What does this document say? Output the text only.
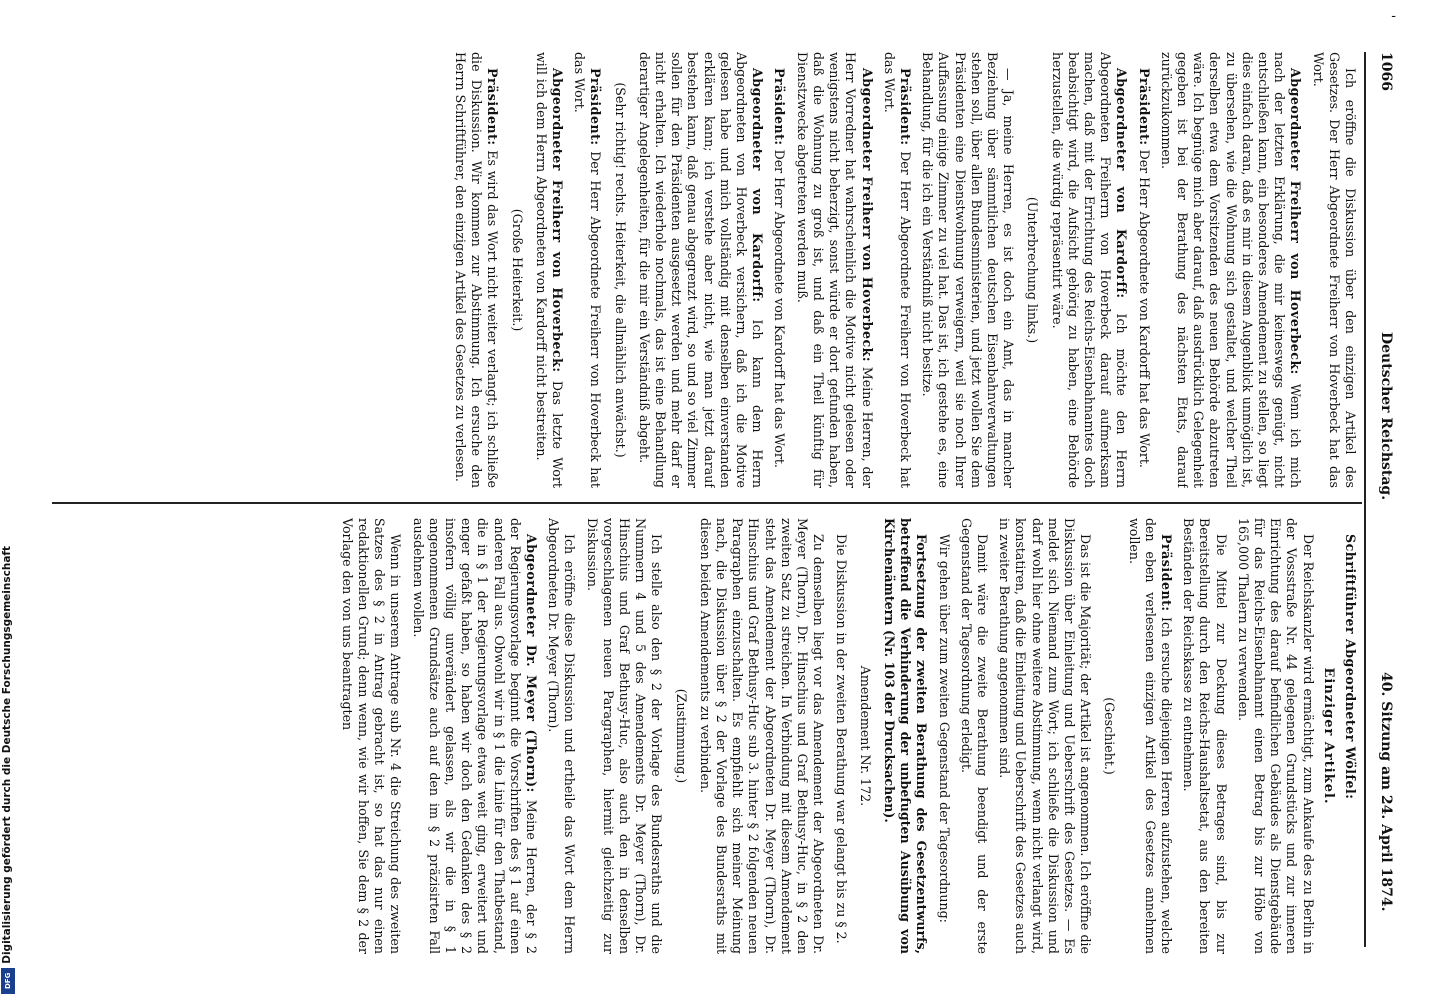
1066
Deutscher Reichstag.
40. Sitzung am 24. April 1874.

Ich eröffne die Diskussion über den einzigen Artikel des Gesetzes. Der Herr Abgeordnete Freiherr von Hoverbeck hat das Wort.

Abgeordneter Freiherr von Hoverbeck: Wenn ich mich nach der letzten Erklärung, die mir keineswegs genügt, nicht entschließen kann, ein besonderes Amendement zu stellen, so liegt dies einfach daran, daß es mir in diesem Augenblick unmöglich ist, zu übersehen, wie die Wohnung sich gestaltet, und welcher Theil derselben etwa dem Vorsitzenden des neuen Behörde abzutreten wäre. Ich begnüge mich aber darauf, daß ausdrücklich Gelegenheit gegeben ist bei der Berathung des nächsten Etats, darauf zurückzukommen.

Präsident: Der Herr Abgeordnete von Kardorff hat das Wort.

Abgeordneter von Kardorff: Ich möchte den Herrn Abgeordneten Freiherrn von Hoverbeck darauf aufmerksam machen, daß mit der Errichtung des Reichs-Eisenbahnamtes doch beabsichtigt wird, die Aufsicht gehörig zu haben, eine Behörde herzustellen, die würdig repräsentirt wäre.

(Unterbrechung links.)

— Ja, meine Herren, es ist doch ein Amt, das in mancher Beziehung über sämmtlichen deutschen Eisenbahnverwaltungen stehen soll, über allen Bundesministerien, und jetzt wollen Sie dem Präsidenten eine Dienstwohnung verweigern, weil sie noch Ihrer Auffassung einige Zimmer zu viel hat. Das ist, ich gestehe es, eine Behandlung, für die ich ein Verständniß nicht besitze.

Präsident: Der Herr Abgeordnete Freiherr von Hoverbeck hat das Wort.

Abgeordneter Freiherr von Hoverbeck: Meine Herren, der Herr Vorredner hat wahrscheinlich die Motive nicht gelesen oder wenigstens nicht beherzigt, sonst würde er dort gefunden haben, daß die Wohnung zu groß ist, und daß ein Theil künftig für Dienstzwecke abgetreten werden muß.

Präsident: Der Herr Abgeordnete von Kardorff hat das Wort.

Abgeordneter von Kardorff: Ich kann dem Herrn Abgeordneten von Hoverbeck versichern, daß ich die Motive gelesen habe und mich vollständig mit denselben einverstanden erklären kann; ich verstehe aber nicht, wie man jetzt darauf bestehen kann, daß genau abgegrenzt wird, so und so viel Zimmer sollen für den Präsidenten ausgesetzt werden und mehr darf er nicht erhalten. Ich wiederhole nochmals, das ist eine Behandlung derartiger Angelegenheiten, für die mir ein Verständniß abgeht.

(Sehr richtig! rechts. Heiterkeit, die allmählich anwächst.)

Präsident: Der Herr Abgeordnete Freiherr von Hoverbeck hat das Wort.

Abgeordneter Freiherr von Hoverbeck: Das letzte Wort will ich dem Herrn Abgeordneten von Kardorff nicht bestreiten.

(Große Heiterkeit.)

Präsident: Es wird das Wort nicht weiter verlangt; ich schließe die Diskussion. Wir kommen zur Abstimmung. Ich ersuche den Herrn Schriftführer, den einzigen Artikel des Gesetzes zu verlesen.

Schriftführer Abgeordneter Wölfel:

Einziger Artikel.

Der Reichskanzler wird ermächtigt, zum Ankaufe des zu Berlin in der Vossstraße Nr. 44 gelegenen Grundstücks und zur inneren Einrichtung des darauf befindlichen Gebäudes als Dienstgebäude für das Reichs-Eisenbahnamt einen Betrag bis zur Höhe von 165,000 Thalern zu verwenden.

Die Mittel zur Deckung dieses Betrages sind, bis zur Bereitstellung durch den Reichs-Haushaltsetat, aus den bereiten Beständen der Reichskasse zu entnehmen.

Präsident: Ich ersuche diejenigen Herren aufzustehen, welche den eben verlesenen einzigen Artikel des Gesetzes annehmen wollen.

(Geschieht.)

Das ist die Majorität; der Artikel ist angenommen. Ich eröffne die Diskussion über Einleitung und Ueberschrift des Gesetzes. — Es meldet sich Niemand zum Wort; ich schließe die Diskussion und darf wohl hier ohne weitere Abstimmung, wenn nicht verlangt wird, konstatiren, daß die Einleitung und Ueberschrift des Gesetzes auch in zweiter Berathung angenommen sind.

Damit wäre die zweite Berathung beendigt und der erste Gegenstand der Tagesordnung erledigt.

Wir gehen über zum zweiten Gegenstand der Tagesordnung:

Fortsetzung der zweiten Berathung des Gesetzentwurfs, betreffend die Verhinderung der unbefugten Ausübung von Kirchenämtern (Nr. 103 der Drucksachen).

Amendement Nr. 172.

Die Diskussion in der zweiten Berathung war gelangt bis zu § 2.

Zu demselben liegt vor das Amendement der Abgeordneten Dr. Meyer (Thorn), Dr. Hinschius und Graf Bethusy-Huc, in § 2 den zweiten Satz zu streichen. In Verbindung mit diesem Amendement steht das Amendement der Abgeordneten Dr. Meyer (Thorn), Dr. Hinschius und Graf Bethusy-Huc sub 3. hinter § 2 folgenden neuen Paragraphen einzuschalten. Es empfiehlt sich meiner Meinung nach, die Diskussion über § 2 der Vorlage des Bundesraths mit diesen beiden Amendements zu verbinden.

(Zustimmung.)

Ich stelle also den § 2 der Vorlage des Bundesraths und die Nummern 4 und 5 des Amendements Dr. Meyer (Thorn), Dr. Hinschius und Graf Bethusy-Huc, also auch den in denselben vorgeschlagenen neuen Paragraphen, hiermit gleichzeitig zur Diskussion.

Ich eröffne diese Diskussion und ertheile das Wort dem Herrn Abgeordneten Dr. Meyer (Thorn).

Abgeordneter Dr. Meyer (Thorn): Meine Herren, der § 2 der Regierungsvorlage beginnt die Vorschriften des § 1 auf einen anderen Fall aus. Obwohl wir in § 1 die Linie für den Thatbestand, die in § 1 der Regierungsvorlage etwas weit ging, erweitert und enger gefaßt haben, so haben wir doch den Gedanken des § 2 insofern völlig unverändert gelassen, als wir die in § 1 angenommenen Grundsätze auch auf den im § 2 präzisirten Fall ausdehnen wollen.

Wenn in unserem Antrage sub Nr. 4 die Streichung des zweiten Satzes des § 2 in Antrag gebracht ist, so hat das nur einen redaktionellen Grund; denn wenn, wie wir hoffen, Sie dem § 2 der Vorlage den von uns beantragten

Digitalisierung gefördert durch die Deutsche Forschungsgemeinschaft
DFG
-
